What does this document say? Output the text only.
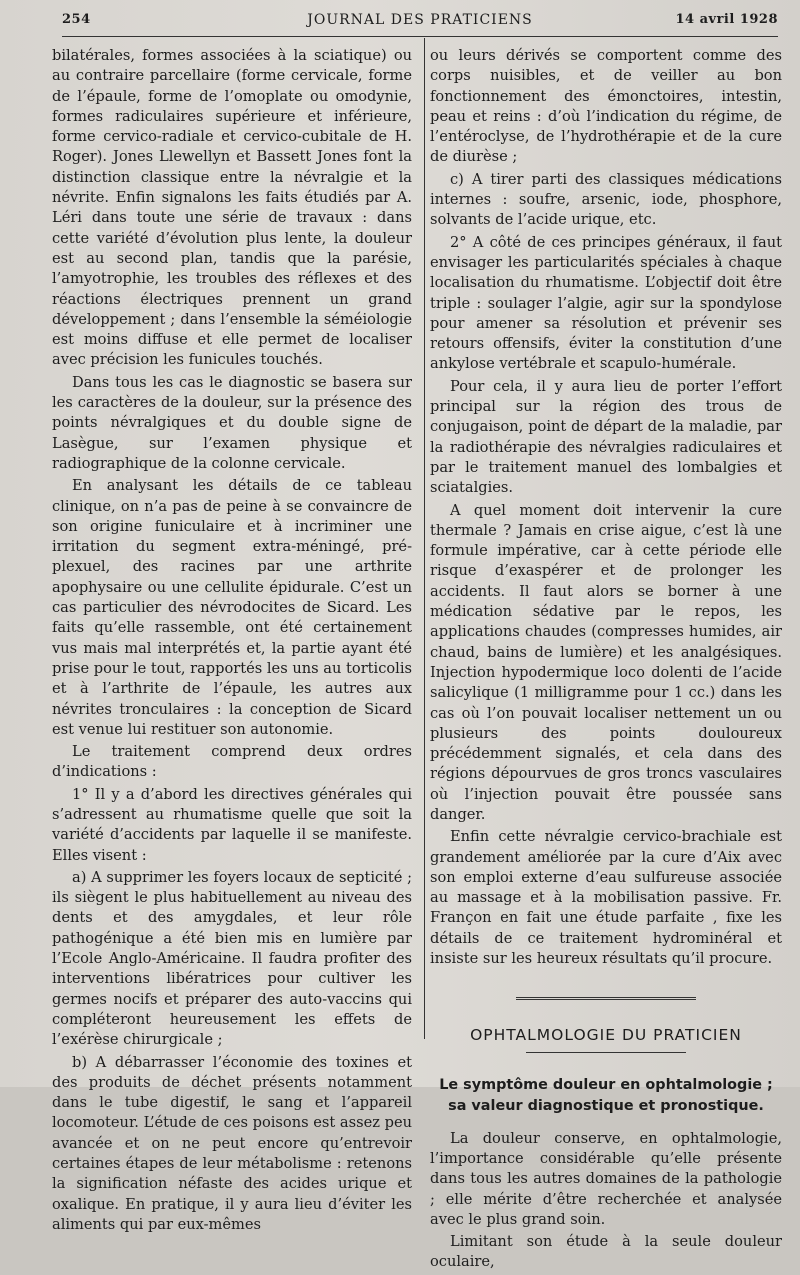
254	JOURNAL DES PRATICIENS	14 avril 1928

bilatérales, formes associées à la sciatique) ou au contraire parcellaire (forme cervicale, forme de l’épaule, forme de l’omoplate ou omodynie, formes radiculaires supérieure et inférieure, forme cervico-radiale et cervico-cubitale de H. Roger). Jones Llewellyn et Bassett Jones font la distinction classique entre la névralgie et la névrite. Enfin signalons les faits étudiés par A. Léri dans toute une série de travaux : dans cette variété d’évolution plus lente, la douleur est au second plan, tandis que la parésie, l’amyotrophie, les troubles des réflexes et des réactions électriques prennent un grand développement ; dans l’ensemble la séméiologie est moins diffuse et elle permet de localiser avec précision les funicules touchés.

Dans tous les cas le diagnostic se basera sur les caractères de la douleur, sur la présence des points névralgiques et du double signe de Lasègue, sur l’examen physique et radiographique de la colonne cervicale.

En analysant les détails de ce tableau clinique, on n’a pas de peine à se convaincre de son origine funiculaire et à incriminer une irritation du segment extra-méningé, pré-plexuel, des racines par une arthrite apophysaire ou une cellulite épidurale. C’est un cas particulier des névrodocites de Sicard. Les faits qu’elle rassemble, ont été certainement vus mais mal interprétés et, la partie ayant été prise pour le tout, rapportés les uns au torticolis et à l’arthrite de l’épaule, les autres aux névrites tronculaires : la conception de Sicard est venue lui restituer son autonomie.

Le traitement comprend deux ordres d’indications :

1° Il y a d’abord les directives générales qui s’adressent au rhumatisme quelle que soit la variété d’accidents par laquelle il se manifeste. Elles visent :

a) A supprimer les foyers locaux de septicité ; ils siègent le plus habituellement au niveau des dents et des amygdales, et leur rôle pathogénique a été bien mis en lumière par l’Ecole Anglo-Américaine. Il faudra profiter des interventions libératrices pour cultiver les germes nocifs et préparer des auto-vaccins qui compléteront heureusement les effets de l’exérèse chirurgicale ;

b) A débarrasser l’économie des toxines et des produits de déchet présents notamment dans le tube digestif, le sang et l’appareil locomoteur. L’étude de ces poisons est assez peu avancée et on ne peut encore qu’entrevoir certaines étapes de leur métabolisme : retenons la signification néfaste des acides urique et oxalique. En pratique, il y aura lieu d’éviter les aliments qui par eux-mêmes

ou leurs dérivés se comportent comme des corps nuisibles, et de veiller au bon fonctionnement des émonctoires, intestin, peau et reins : d’où l’indication du régime, de l’entéroclyse, de l’hydrothérapie et de la cure de diurèse ;

c) A tirer parti des classiques médications internes : soufre, arsenic, iode, phosphore, solvants de l’acide urique, etc.

2° A côté de ces principes généraux, il faut envisager les particularités spéciales à chaque localisation du rhumatisme. L’objectif doit être triple : soulager l’algie, agir sur la spondylose pour amener sa résolution et prévenir ses retours offensifs, éviter la constitution d’une ankylose vertébrale et scapulo-humérale.

Pour cela, il y aura lieu de porter l’effort principal sur la région des trous de conjugaison, point de départ de la maladie, par la radiothérapie des névralgies radiculaires et par le traitement manuel des lombalgies et sciatalgies.

A quel moment doit intervenir la cure thermale ? Jamais en crise aigue, c’est là une formule impérative, car à cette période elle risque d’exaspérer et de prolonger les accidents. Il faut alors se borner à une médication sédative par le repos, les applications chaudes (compresses humides, air chaud, bains de lumière) et les analgésiques. Injection hypodermique loco dolenti de l’acide salicylique (1 milligramme pour 1 cc.) dans les cas où l’on pouvait localiser nettement un ou plusieurs des points douloureux précédemment signalés, et cela dans des régions dépourvues de gros troncs vasculaires où l’injection pouvait être poussée sans danger.

Enfin cette névralgie cervico-brachiale est grandement améliorée par la cure d’Aix avec son emploi externe d’eau sulfureuse associée au massage et à la mobilisation passive. Fr. Françon en fait une étude parfaite , fixe les détails de ce traitement hydrominéral et insiste sur les heureux résultats qu’il procure.

OPHTALMOLOGIE DU PRATICIEN
Le symptôme douleur en ophtalmologie ; sa valeur diagnostique et pronostique.

La douleur conserve, en ophtalmologie, l’importance considérable qu’elle présente dans tous les autres domaines de la pathologie ; elle mérite d’être recherchée et analysée avec le plus grand soin.

Limitant son étude à la seule douleur oculaire,
